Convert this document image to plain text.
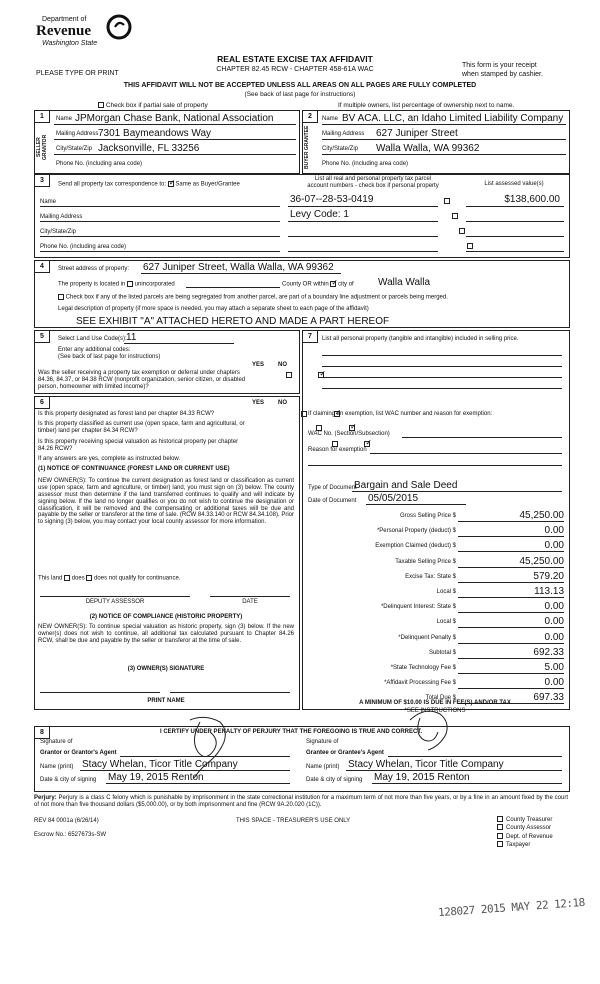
Department of
Revenue
Washington State
PLEASE TYPE OR PRINT
REAL ESTATE EXCISE TAX AFFIDAVIT
CHAPTER 82.45 RCW - CHAPTER 458-61A WAC
This form is your receipt
when stamped by cashier.
THIS AFFIDAVIT WILL NOT BE ACCEPTED UNLESS ALL AREAS ON ALL PAGES ARE FULLY COMPLETED
(See back of last page for instructions)
Check box if partial sale of property	If multiple owners, list percentage of ownership next to name.
1
SELLER GRANTOR
Name JPMorgan Chase Bank, National Association
Mailing Address 7301 Baymeandows Way
City/State/Zip Jacksonville, FL 33256
Phone No. (including area code)
2
BUYER GRANTEE
Name BV ACA. LLC, an Idaho Limited Liability Company
Mailing Address 627 Juniper Street
City/State/Zip Walla Walla, WA 99362
Phone No. (including area code)
3
Send all property tax correspondence to: ✓ Same as Buyer/Grantee
List all real and personal property tax parcel
account numbers - check box if personal property	List assessed value(s)
Name
Mailing Address
City/State/Zip
Phone No. (including area code)
36-07--28-53-0419	$138,600.00
Levy Code: 1

4	Street address of property: 627 Juniper Street, Walla Walla, WA 99362
The property is located in unincorporated	County OR within ✓ city of Walla Walla
Check box if any of the listed parcels are being segregated from another parcel, are part of a boundary line adjustment or parcels being merged.
Legal description of property (if more space is needed, you may attach a separate sheet to each page of the affidavit)
SEE EXHIBIT "A" ATTACHED HERETO AND MADE A PART HEREOF
5	Select Land Use Code(s): 11
Enter any additional codes:
(See back of last page for instructions)
YES NO
Was the seller receiving a property tax exemption or deferral under chapters 84.36, 84.37, or 84.38 RCW (nonprofit organization, senior citizen, or disabled person, homeowner with limited income)?
✓
6	YES NO
Is this property designated as forest land per chapter 84.33 RCW?
✓
Is this property classified as current use (open space, farm and agricultural, or timber) land per chapter 84.34 RCW?
✓
Is this property receiving special valuation as historical property per chapter 84.26 RCW?
✓
If any answers are yes, complete as instructed below.
(1) NOTICE OF CONTINUANCE (FOREST LAND OR CURRENT USE)
NEW OWNER(S): To continue the current designation as forest land or classification as current use (open space, farm and agriculture, or timber) land, you must sign on (3) below. The county assessor must then determine if the land transferred continues to qualify and will indicate by signing below. If the land no longer qualifies or you do not wish to continue the designation or classification, it will be removed and the compensating or additional taxes will be due and payable by the seller or transferor at the time of sale. (RCW 84.33.140 or RCW 84.34.108). Prior to signing (3) below, you may contact your local county assessor for more information.
This land does does not qualify for continuance.
DEPUTY ASSESSOR	DATE
(2) NOTICE OF COMPLIANCE (HISTORIC PROPERTY)
NEW OWNER(S): To continue special valuation as historic property, sign (3) below. If the new owner(s) does not wish to continue, all additional tax calculated pursuant to Chapter 84.26 RCW, shall be due and payable by the seller or transferor at the time of sale.
(3) OWNER(S) SIGNATURE
PRINT NAME
7	List all personal property (tangible and intangible) included in selling price.
If claiming an exemption, list WAC number and reason for exemption:
WAC No. (Section/Subsection)
Reason for exemption
Type of Document
Bargain and Sale Deed
Date of Document 05/05/2015
Gross Selling Price $	45,250.00
*Personal Property (deduct) $	0.00
Exemption Claimed (deduct) $	0.00
Taxable Selling Price $	45,250.00
Excise Tax: State $	579.20
Local $	113.13
*Delinquent Interest: State $	0.00
Local $	0.00
*Delinquent Penalty $	0.00
Subtotal $	692.33
*State Technology Fee $	5.00
*Affidavit Processing Fee $	0.00
Total Due $	697.33
A MINIMUM OF $10.00 IS DUE IN FEE(S) AND/OR TAX
*SEE INSTRUCTIONS
8	I CERTIFY UNDER PENALTY OF PERJURY THAT THE FOREGOING IS TRUE AND CORRECT.
Signature of
Grantor or Grantor's Agent
Name (print) Stacy Whelan, Ticor Title Company
Date & city of signing May 19, 2015 Renton
Signature of
Grantee or Grantee's Agent
Name (print) Stacy Whelan, Ticor Title Company
Date & city of signing May 19, 2015 Renton
Perjury: Perjury is a class C felony which is punishable by imprisonment in the state correctional institution for a maximum term of not more than five years, or by a fine in an amount fixed by the court of not more than five thousand dollars ($5,000.00), or by both imprisonment and fine (RCW 9A.20.020 (1C)).
REV 84 0001a (6/26/14)	THIS SPACE - TREASURER'S USE ONLY
Escrow No.: 6527673s-SW
County Treasurer
County Assessor
Dept. of Revenue
Taxpayer
128027 2015 MAY 22 12:18
